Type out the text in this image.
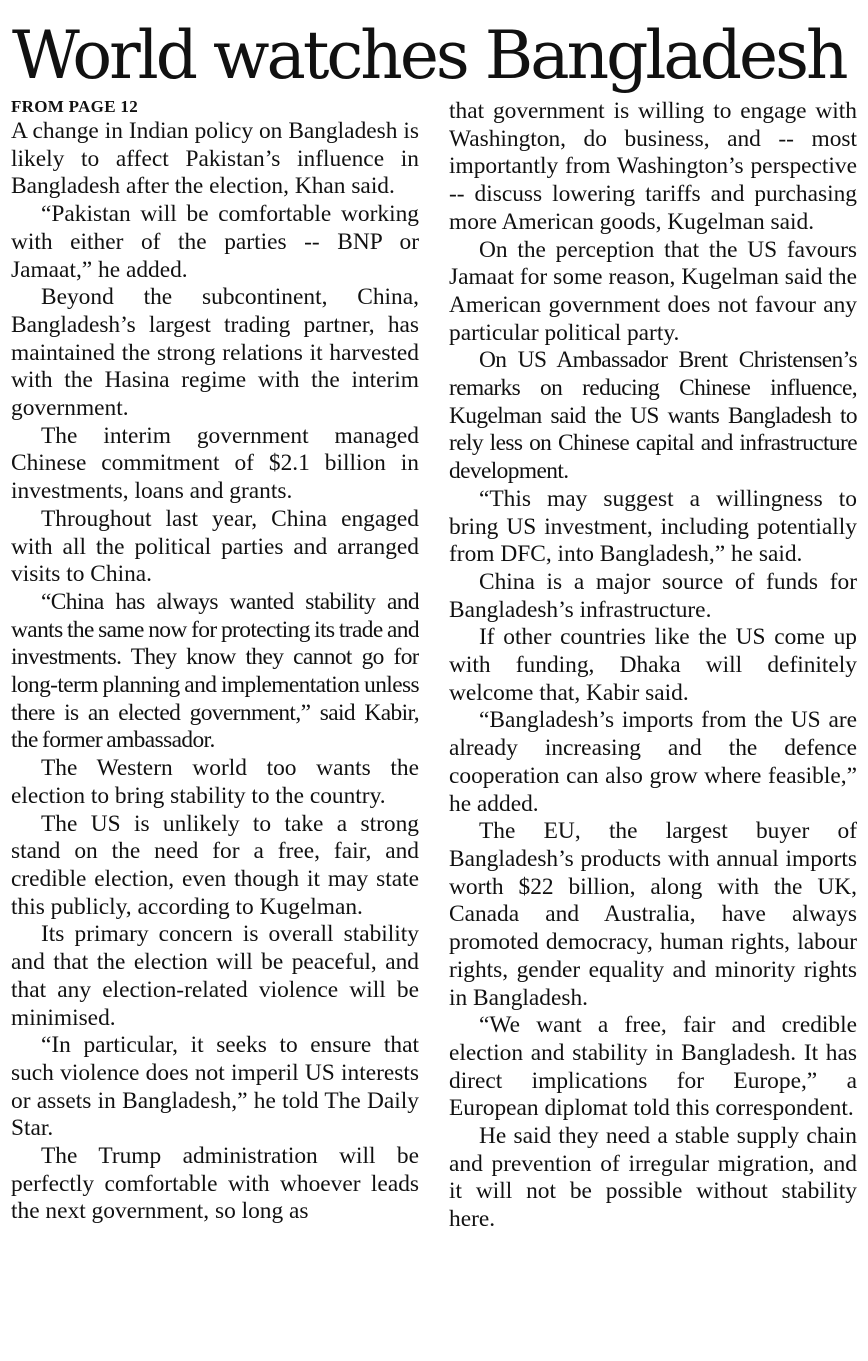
World watches Bangladesh
FROM PAGE 12

A change in Indian policy on Bangladesh is likely to affect Pakistan’s influence in Bangladesh after the election, Khan said.

“Pakistan will be comfortable working with either of the parties -- BNP or Jamaat,” he added.

Beyond the subcontinent, China, Bangladesh’s largest trading partner, has maintained the strong relations it harvested with the Hasina regime with the interim government.

The interim government managed Chinese commitment of $2.1 billion in investments, loans and grants.

Throughout last year, China engaged with all the political parties and arranged visits to China.

“China has always wanted stability and wants the same now for protecting its trade and investments. They know they cannot go for long-term planning and implementation unless there is an elected government,” said Kabir, the former ambassador.

The Western world too wants the election to bring stability to the country.

The US is unlikely to take a strong stand on the need for a free, fair, and credible election, even though it may state this publicly, according to Kugelman.

Its primary concern is overall stability and that the election will be peaceful, and that any election-related violence will be minimised.

“In particular, it seeks to ensure that such violence does not imperil US interests or assets in Bangladesh,” he told The Daily Star.

The Trump administration will be perfectly comfortable with whoever leads the next government, so long as

that government is willing to engage with Washington, do business, and -- most importantly from Washington’s perspective -- discuss lowering tariffs and purchasing more American goods, Kugelman said.

On the perception that the US favours Jamaat for some reason, Kugelman said the American government does not favour any particular political party.

On US Ambassador Brent Christensen’s remarks on reducing Chinese influence, Kugelman said the US wants Bangladesh to rely less on Chinese capital and infrastructure development.

“This may suggest a willingness to bring US investment, including potentially from DFC, into Bangladesh,” he said.

China is a major source of funds for Bangladesh’s infrastructure.

If other countries like the US come up with funding, Dhaka will definitely welcome that, Kabir said.

“Bangladesh’s imports from the US are already increasing and the defence cooperation can also grow where feasible,” he added.

The EU, the largest buyer of Bangladesh’s products with annual imports worth $22 billion, along with the UK, Canada and Australia, have always promoted democracy, human rights, labour rights, gender equality and minority rights in Bangladesh.

“We want a free, fair and credible election and stability in Bangladesh. It has direct implications for Europe,” a European diplomat told this correspondent.

He said they need a stable supply chain and prevention of irregular migration, and it will not be possible without stability here.
